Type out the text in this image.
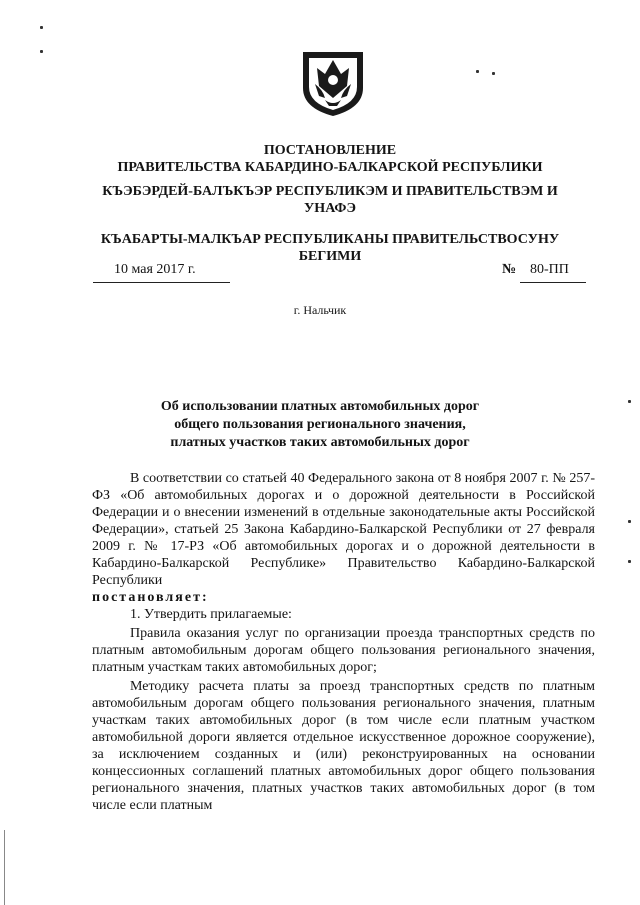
ПОСТАНОВЛЕНИЕ
ПРАВИТЕЛЬСТВА КАБАРДИНО-БАЛКАРСКОЙ РЕСПУБЛИКИ
КЪЭБЭРДЕЙ-БАЛЪКЪЭР РЕСПУБЛИКЭМ И ПРАВИТЕЛЬСТВЭМ И
УНАФЭ
КЪАБАРТЫ-МАЛКЪАР РЕСПУБЛИКАНЫ ПРАВИТЕЛЬСТВОСУНУ
БЕГИМИ
10 мая 2017 г.	№ 80-ПП
г. Нальчик
Об использовании платных автомобильных дорог
общего пользования регионального значения,
платных участков таких автомобильных дорог

В соответствии со статьей 40 Федерального закона от 8 ноября 2007 г. № 257-ФЗ «Об автомобильных дорогах и о дорожной деятельности в Российской Федерации и о внесении изменений в отдельные законодательные акты Российской Федерации», статьей 25 Закона Кабардино-Балкарской Республики от 27 февраля 2009 г. № 17-РЗ «Об автомобильных дорогах и о дорожной деятельности в Кабардино-Балкарской Республике» Правительство Кабардино-Балкарской Республики

постановляет:

1. Утвердить прилагаемые:

Правила оказания услуг по организации проезда транспортных средств по платным автомобильным дорогам общего пользования регионального значения, платным участкам таких автомобильных дорог;

Методику расчета платы за проезд транспортных средств по платным автомобильным дорогам общего пользования регионального значения, платным участкам таких автомобильных дорог (в том числе если платным участком автомобильной дороги является отдельное искусственное дорожное сооружение), за исключением созданных и (или) реконструированных на основании концессионных соглашений платных автомобильных дорог общего пользования регионального значения, платных участков таких автомобильных дорог (в том числе если платным
